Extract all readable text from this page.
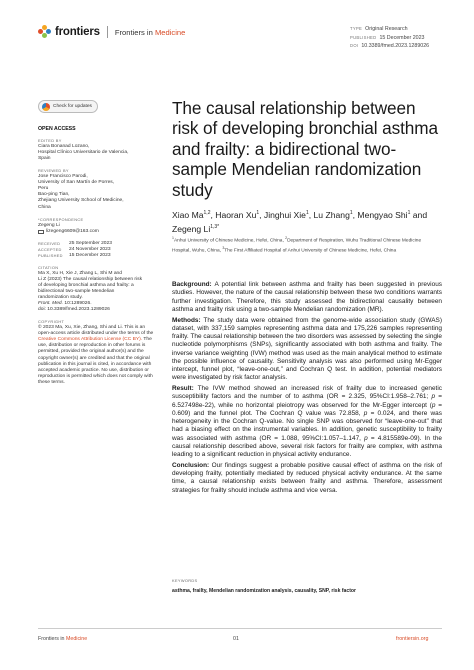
frontiers Frontiers in Medicine	TYPE Original Research
PUBLISHED 15 December 2023
DOI 10.3389/fmed.2023.1289026
Check for updates
OPEN ACCESS
EDITED BY
Ciara Bonanad Lozano,
Hospital Clínico Universitario de Valencia,
Spain
REVIEWED BY
Jose Francisco Parodi,
University of San Martín de Porres,
Peru
Bao-ping Tian,
Zhejiang University School of Medicine,
China
*CORRESPONDENCE
Zegeng Li
lizegeng6609@163.com
RECEIVED	25 September 2023
ACCEPTED	24 November 2023
PUBLISHED	15 December 2023
CITATION
Ma X, Xu H, Xie J, Zhang L, Shi M and
Li Z (2023) The causal relationship between risk
of developing bronchial asthma and frailty: a
bidirectional two-sample Mendelian
randomization study.
Front. Med. 10:1289026.
doi: 10.3389/fmed.2023.1289026
COPYRIGHT
© 2023 Ma, Xu, Xie, Zhang, Shi and Li. This is an open-access article distributed under the terms of the Creative Commons Attribution License (CC BY). The use, distribution or reproduction in other forums is permitted, provided the original author(s) and the copyright owner(s) are credited and that the original publication in this journal is cited, in accordance with accepted academic practice. No use, distribution or reproduction is permitted which does not comply with these terms.
The causal relationship between risk of developing bronchial asthma and frailty: a bidirectional two-sample Mendelian randomization study
Xiao Ma$^{1,2}$, Haoran Xu$^1$, Jinghui Xie$^1$, Lu Zhang$^1$, Mengyao Shi$^1$ and Zegeng $Li^{1,3*}$
$^1$Anhui University of Chinese Medicine, Hefei, China, $^2$Department of Respiration, Wuhu Traditional Chinese Medicine Hospital, Wuhu, China, $^3$The First Affiliated Hospital of Anhui University of Chinese Medicine, Hefei, China

Background: A potential link between asthma and frailty has been suggested in previous studies. However, the nature of the causal relationship between these two conditions warrants further investigation. Therefore, this study assessed the bidirectional causality between asthma and frailty risk using a two-sample Mendelian randomization (MR).

Methods: The study data were obtained from the genome-wide association study (GWAS) dataset, with 337,159 samples representing asthma data and 175,226 samples representing frailty. The causal relationship between the two disorders was assessed by selecting the single nucleotide polymorphisms (SNPs), significantly associated with both asthma and frailty. The inverse variance weighting (IVW) method was used as the main analytical method to estimate the possible influence of causality. Sensitivity analysis was also performed using Mr-Egger intercept, funnel plot, “leave-one-out,” and Cochran Q test. In addition, potential mediators were investigated by risk factor analysis.

Result: The IVW method showed an increased risk of frailty due to increased genetic susceptibility factors and the number of to asthma (OR = 2.325, 95%CI:1.958–2.761; p = 6.527498e-22), while no horizontal pleiotropy was observed for the Mr-Egger intercept (p = 0.609) and the funnel plot. The Cochran Q value was 72.858, p = 0.024, and there was heterogeneity in the Cochran Q-value. No single SNP was observed for “leave-one-out” that had a biasing effect on the instrumental variables. In addition, genetic susceptibility to frailty was associated with asthma (OR = 1.088, 95%CI:1.057–1.147, p = 4.815589e-09). In the causal relationship described above, several risk factors for frailty are complex, with asthma leading to a significant reduction in physical activity endurance.

Conclusion: Our findings suggest a probable positive causal effect of asthma on the risk of developing frailty, potentially mediated by reduced physical activity endurance. At the same time, a causal relationship exists between frailty and asthma. Therefore, assessment strategies for frailty should include asthma and vice versa.

KEYWORDS
asthma, frailty, Mendelian randomization analysis, causality, SNP, risk factor
Frontiers in Medicine	01	frontiersin.org
